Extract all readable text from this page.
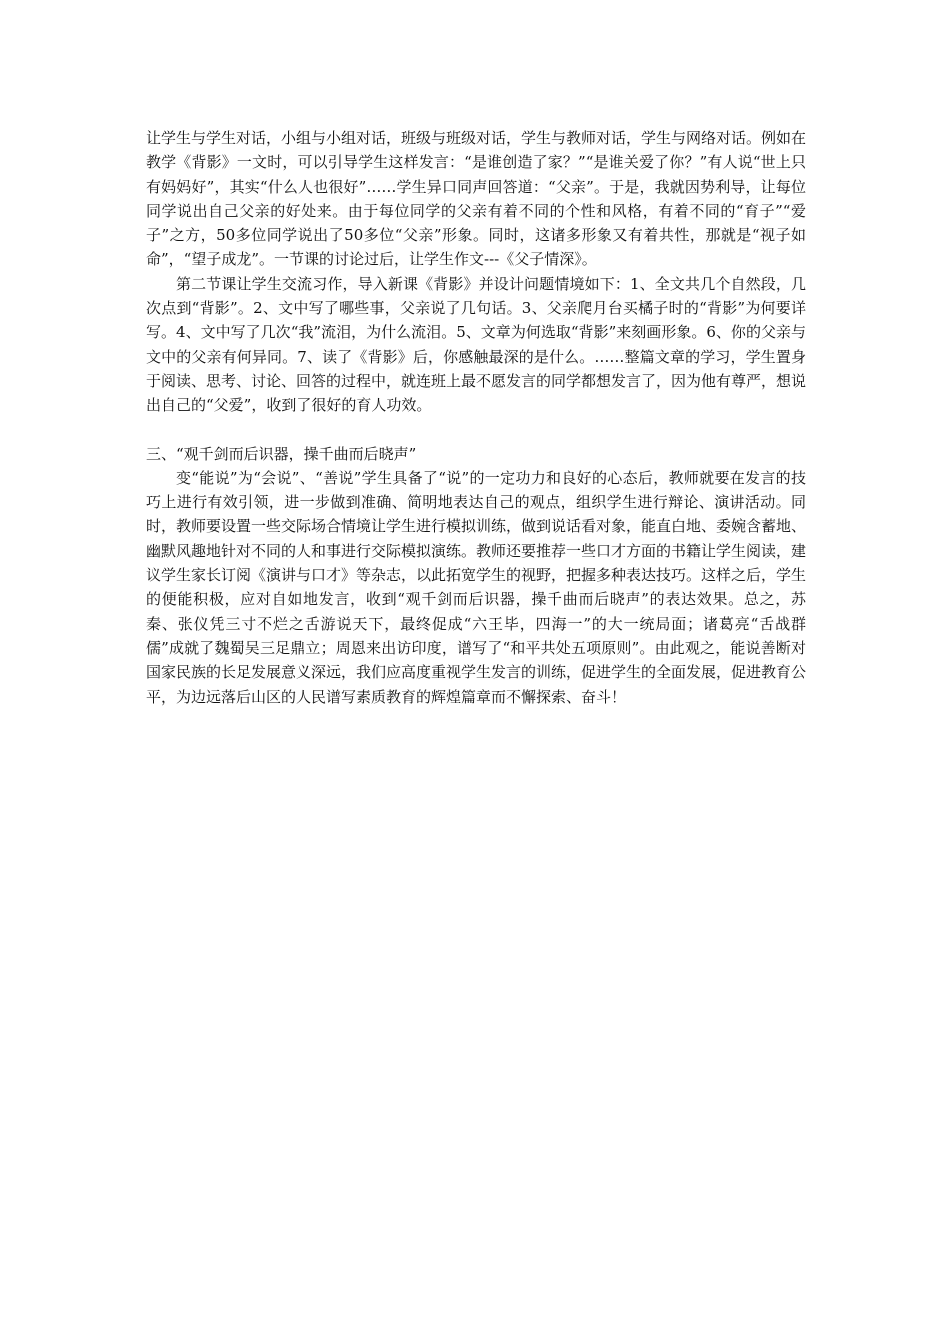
让学生与学生对话，小组与小组对话，班级与班级对话，学生与教师对话，学生与网络对话。例如在教学《背影》一文时，可以引导学生这样发言：“是谁创造了家？”“是谁关爱了你？”有人说“世上只有妈妈好”，其实“什么人也很好”……学生异口同声回答道：“父亲”。于是，我就因势利导，让每位同学说出自己父亲的好处来。由于每位同学的父亲有着不同的个性和风格，有着不同的“育子”“爱子”之方，50多位同学说出了50多位“父亲”形象。同时，这诸多形象又有着共性，那就是“视子如命”，“望子成龙”。一节课的讨论过后，让学生作文---《父子情深》。

第二节课让学生交流习作，导入新课《背影》并设计问题情境如下：1、全文共几个自然段，几次点到“背影”。2、文中写了哪些事，父亲说了几句话。3、父亲爬月台买橘子时的“背影”为何要详写。4、文中写了几次“我”流泪，为什么流泪。5、文章为何选取“背影”来刻画形象。6、你的父亲与文中的父亲有何异同。7、读了《背影》后，你感触最深的是什么。……整篇文章的学习，学生置身于阅读、思考、讨论、回答的过程中，就连班上最不愿发言的同学都想发言了，因为他有尊严，想说出自己的“父爱”，收到了很好的育人功效。

三、“观千剑而后识器，操千曲而后晓声”

变“能说”为“会说”、“善说”学生具备了“说”的一定功力和良好的心态后，教师就要在发言的技巧上进行有效引领，进一步做到准确、简明地表达自己的观点，组织学生进行辩论、演讲活动。同时，教师要设置一些交际场合情境让学生进行模拟训练，做到说话看对象，能直白地、委婉含蓄地、幽默风趣地针对不同的人和事进行交际模拟演练。教师还要推荐一些口才方面的书籍让学生阅读，建议学生家长订阅《演讲与口才》等杂志，以此拓宽学生的视野，把握多种表达技巧。这样之后，学生的便能积极，应对自如地发言，收到“观千剑而后识器，操千曲而后晓声”的表达效果。总之，苏秦、张仪凭三寸不烂之舌游说天下，最终促成“六王毕，四海一”的大一统局面；诸葛亮“舌战群儒”成就了魏蜀吴三足鼎立；周恩来出访印度，谱写了“和平共处五项原则”。由此观之，能说善断对国家民族的长足发展意义深远，我们应高度重视学生发言的训练，促进学生的全面发展，促进教育公平，为边远落后山区的人民谱写素质教育的辉煌篇章而不懈探索、奋斗！
